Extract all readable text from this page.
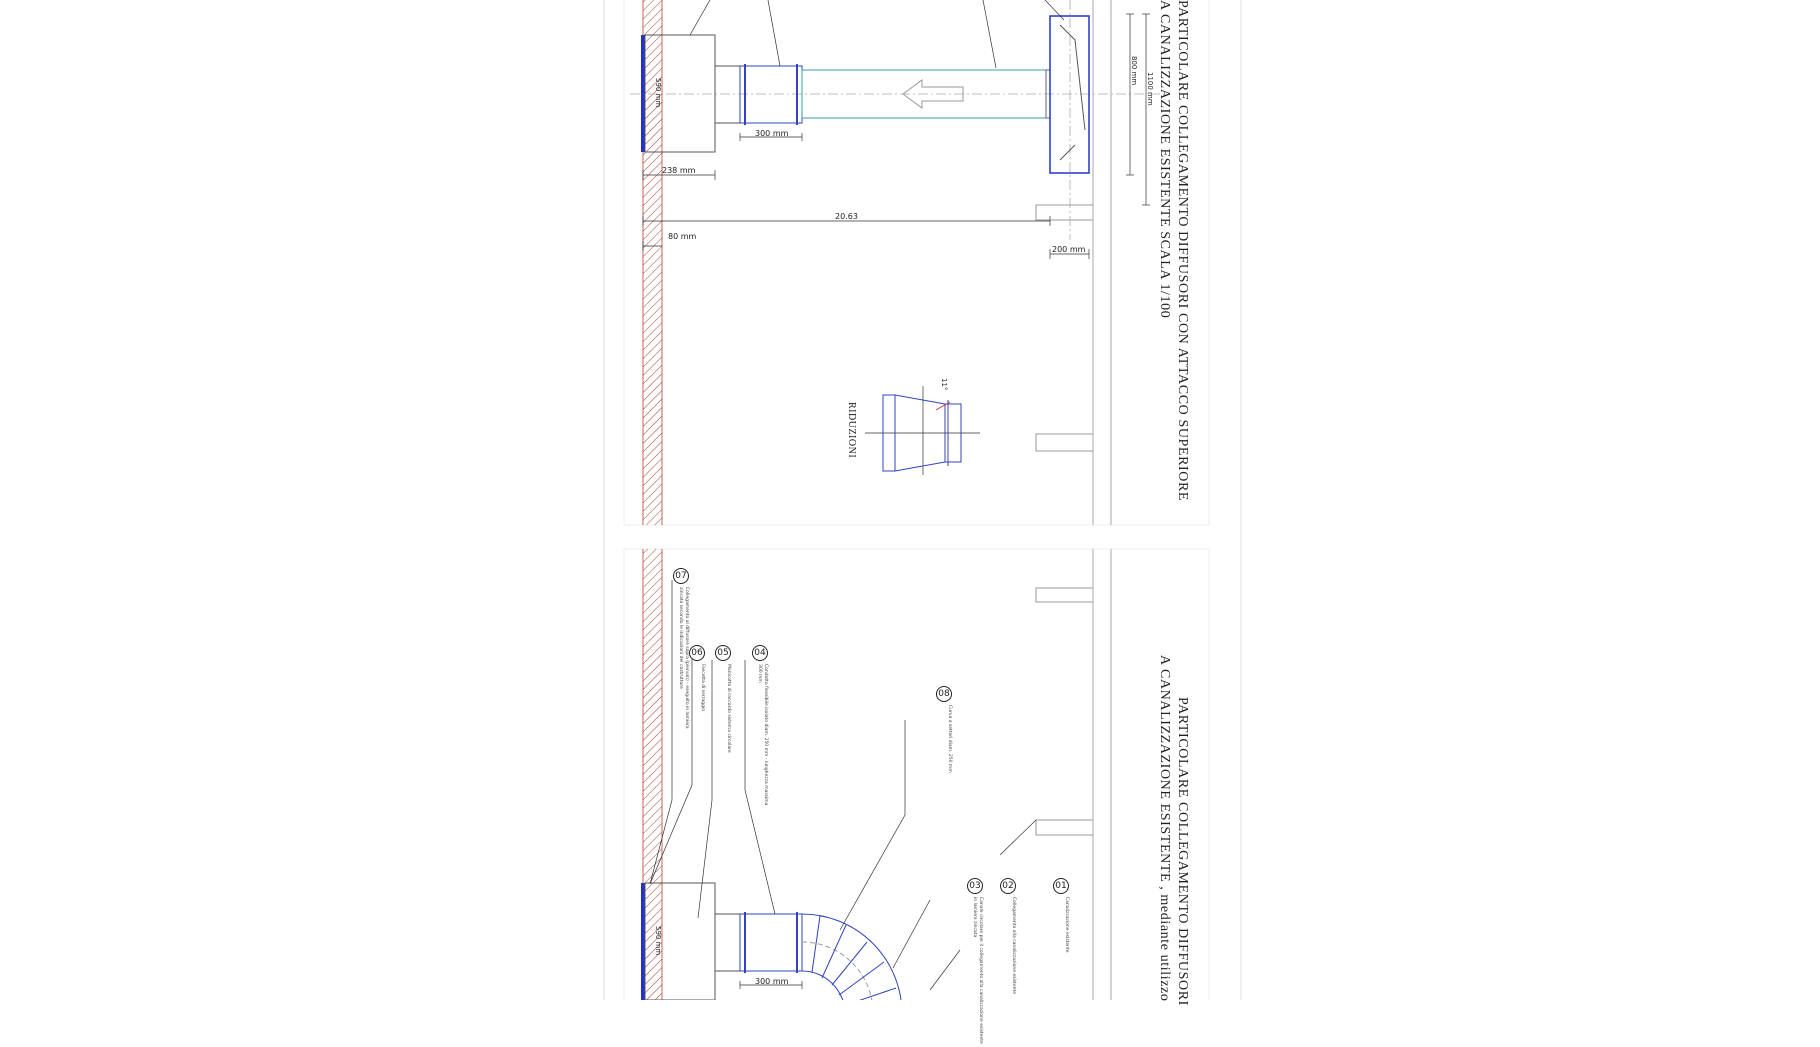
PARTICOLARE COLLEGAMENTO DIFFUSORI CON ATTACCO SUPERIORE
A CANALIZZAZIONE ESISTENTE SCALA 1/100
PARTICOLARE COLLEGAMENTO DIFFUSORI
A CANALIZZAZIONE ESISTENTE , mediante utilizzo
300 mm
238 mm
20.63
80 mm
200 mm
590 mm
800 mm
1100 mm
300 mm
590 mm
11°
RIDUZIONI
07
Collegamento al diffusore sopra (plenum) - eseguito in lamiera zincata secondo le indicazioni del costruttore 06
Fascetta di serraggio
05
Manicotto di raccordo sistema circolare
04
Condotto flessibile isolato diam. 250 mm - lunghezza massima 300 mm
08
Curva a settori diam. 250 mm
03
Canale circolare per il collegamento alla canalizzazione esistente in lamiera zincata
02
Collegamento alla canalizzazione esistente
01
Canalizzazione esistente
